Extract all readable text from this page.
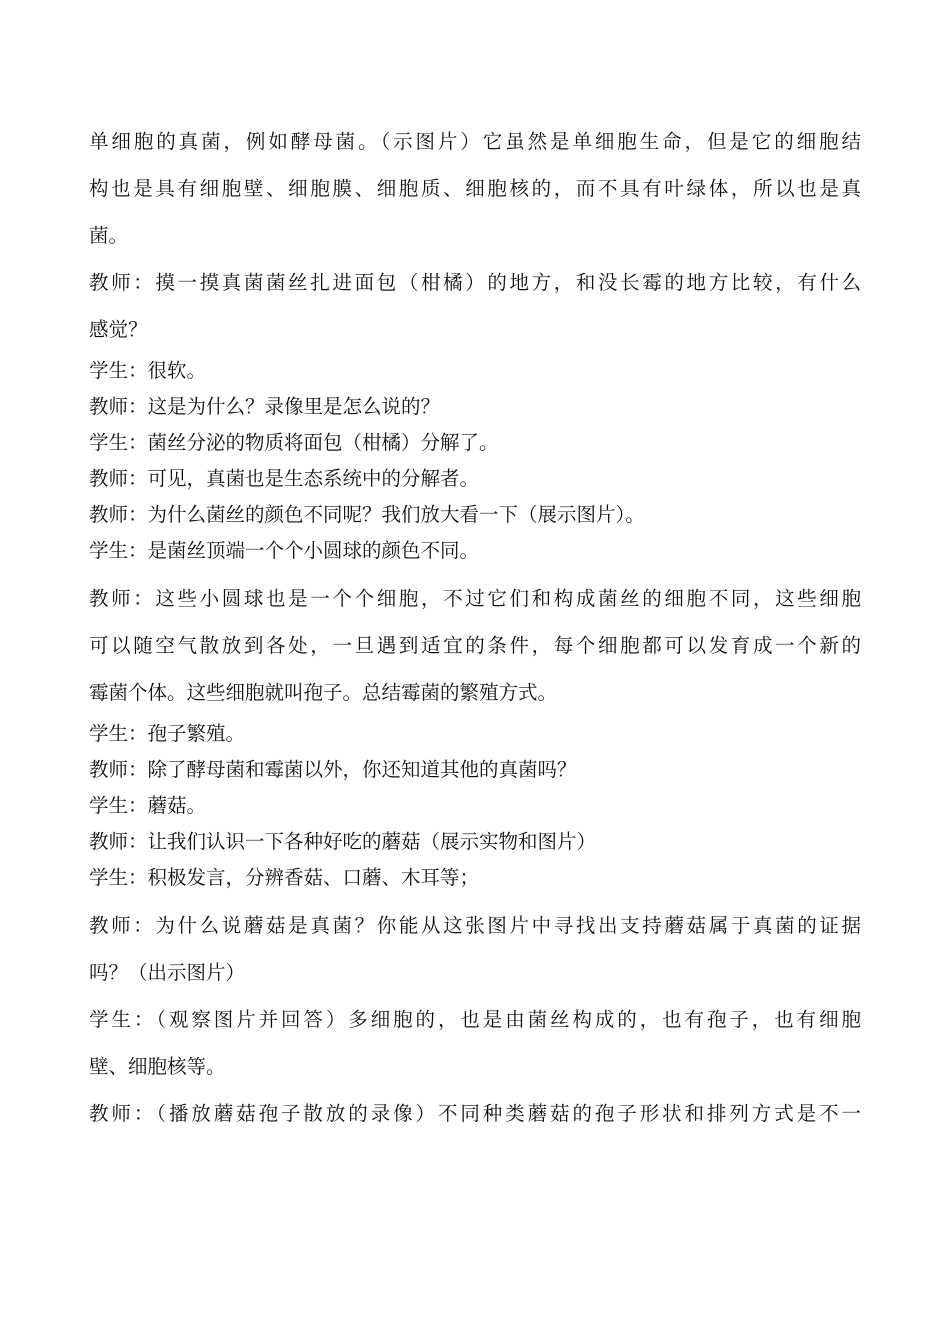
单细胞的真菌，例如酵母菌。（示图片）它虽然是单细胞生命，但是它的细胞结

构也是具有细胞壁、细胞膜、细胞质、细胞核的，而不具有叶绿体，所以也是真

菌。

教师：摸一摸真菌菌丝扎进面包（柑橘）的地方，和没长霉的地方比较，有什么

感觉？

学生：很软。

教师：这是为什么？录像里是怎么说的？

学生：菌丝分泌的物质将面包（柑橘）分解了。

教师：可见，真菌也是生态系统中的分解者。

教师：为什么菌丝的颜色不同呢？我们放大看一下（展示图片）。

学生：是菌丝顶端一个个小圆球的颜色不同。

教师：这些小圆球也是一个个细胞，不过它们和构成菌丝的细胞不同，这些细胞

可以随空气散放到各处，一旦遇到适宜的条件，每个细胞都可以发育成一个新的

霉菌个体。这些细胞就叫孢子。总结霉菌的繁殖方式。

学生：孢子繁殖。

教师：除了酵母菌和霉菌以外，你还知道其他的真菌吗？

学生：蘑菇。

教师：让我们认识一下各种好吃的蘑菇（展示实物和图片）

学生：积极发言，分辨香菇、口蘑、木耳等；

教师：为什么说蘑菇是真菌？你能从这张图片中寻找出支持蘑菇属于真菌的证据

吗？（出示图片）

学生：（观察图片并回答）多细胞的，也是由菌丝构成的，也有孢子，也有细胞

壁、细胞核等。

教师：（播放蘑菇孢子散放的录像）不同种类蘑菇的孢子形状和排列方式是不一
